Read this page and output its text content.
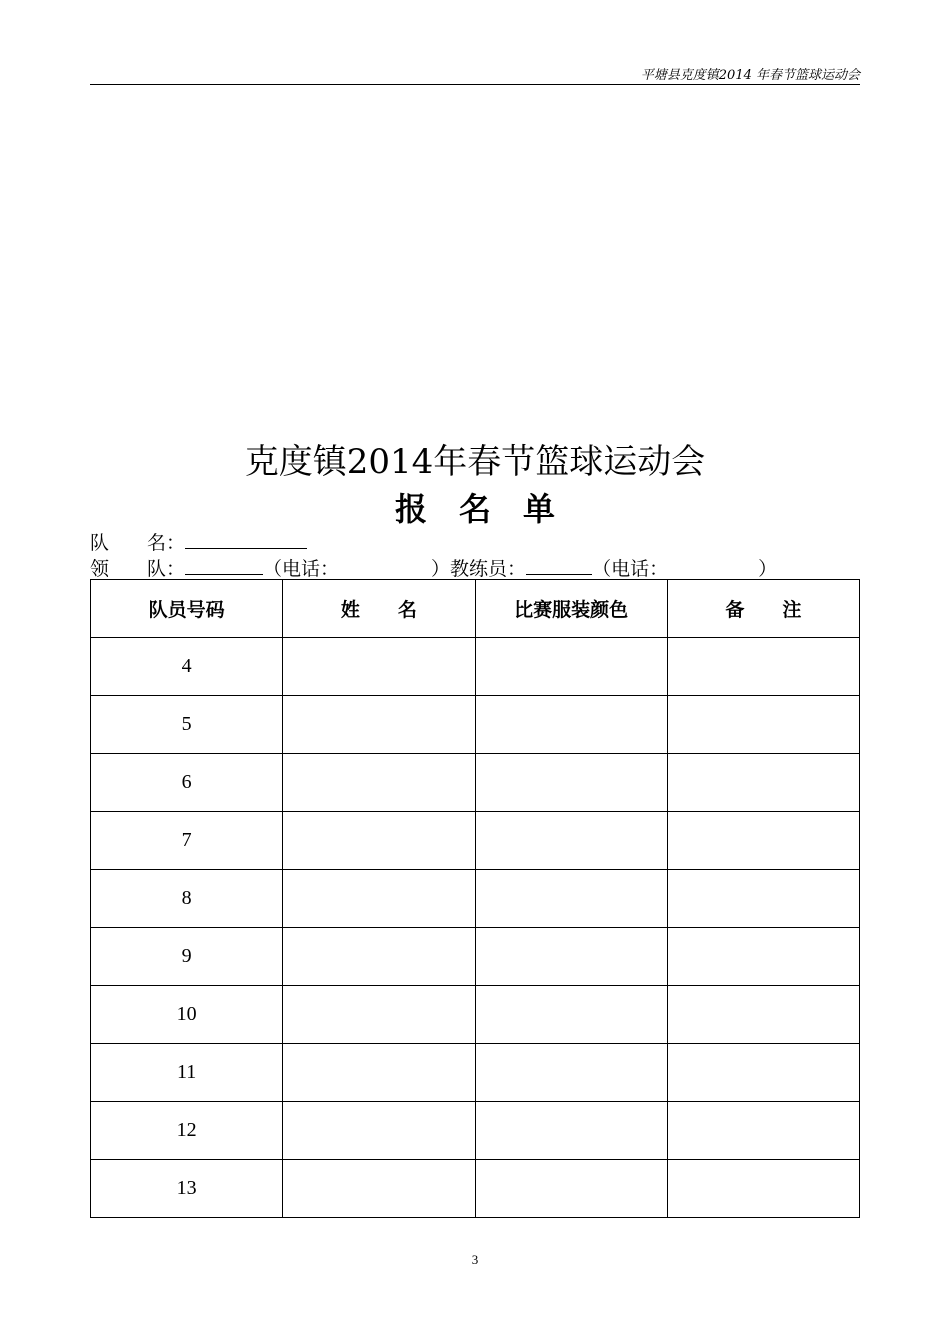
平塘县克度镇2014 年春节篮球运动会
克度镇2014年春节篮球运动会
报　名　单
队　　名：
领　　队：	（电话：	）教练员：	（电话：	）
队员号码	姓　　名	比赛服装颜色	备　　注
4			
5			
6			
7			
8			
9			
10			
11			
12			
13			
3
